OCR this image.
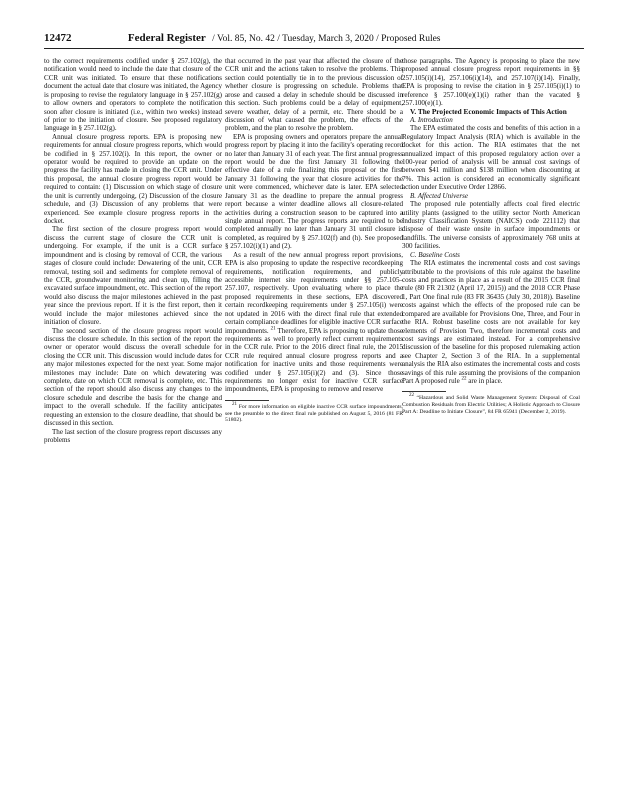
12472	Federal Register / Vol. 85, No. 42 / Tuesday, March 3, 2020 / Proposed Rules

to the correct requirements codified under § 257.102(g), the notification would need to include the date that closure of the CCR unit was initiated. To ensure that these notifications document the actual date that closure was initiated, the Agency is proposing to revise the regulatory language in § 257.102(g) to allow owners and operators to complete the notification soon after closure is initiated (i.e., within two weeks) instead of prior to the initiation of closure. See proposed regulatory language in § 257.102(g).

Annual closure progress reports. EPA is proposing new requirements for annual closure progress reports, which would be codified in § 257.102(i). In this report, the owner or operator would be required to provide an update on the progress the facility has made in closing the CCR unit. Under this proposal, the annual closure progress report would be required to contain: (1) Discussion on which stage of closure the unit is currently undergoing, (2) Discussion of the closure schedule, and (3) Discussion of any problems that were experienced. See example closure progress reports in the docket.

The first section of the closure progress report would discuss the current stage of closure the CCR unit is undergoing. For example, if the unit is a CCR surface impoundment and is closing by removal of CCR, the various stages of closure could include: Dewatering of the unit, CCR removal, testing soil and sediments for complete removal of the CCR, groundwater monitoring and clean up, filling the excavated surface impoundment, etc. This section of the report would also discuss the major milestones achieved in the past year since the previous report. If it is the first report, then it would include the major milestones achieved since the initiation of closure.

The second section of the closure progress report would discuss the closure schedule. In this section of the report the owner or operator would discuss the overall schedule for closing the CCR unit. This discussion would include dates for any major milestones expected for the next year. Some major milestones may include: Date on which dewatering was complete, date on which CCR removal is complete, etc. This section of the report should also discuss any changes to the closure schedule and describe the basis for the change and impact to the overall schedule. If the facility anticipates requesting an extension to the closure deadline, that should be discussed in this section.

The last section of the closure progress report discusses any problems

that occurred in the past year that affected the closure of the CCR unit and the actions taken to resolve the problems. This section could potentially tie in to the previous discussion of whether closure is progressing on schedule. Problems that arose and caused a delay in schedule should be discussed in this section. Such problems could be a delay of equipment, severe weather, delay of a permit, etc. There should be a discussion of what caused the problem, the effects of the problem, and the plan to resolve the problem.

EPA is proposing owners and operators prepare the annual progress report by placing it into the facility's operating record no later than January 31 of each year. The first annual progress report would be due the first January 31 following the effective date of a rule finalizing this proposal or the first January 31 following the year that closure activities for the unit were commenced, whichever date is later. EPA selected January 31 as the deadline to prepare the annual progress report because a winter deadline allows all closure-related activities during a construction season to be captured into a single annual report. The progress reports are required to be completed annually no later than January 31 until closure is completed, as required by § 257.102(f) and (h). See proposed § 257.102(i)(1) and (2).

As a result of the new annual progress report provisions, EPA is also proposing to update the respective recordkeeping requirements, notification requirements, and publicly accessible internet site requirements under §§ 257.105–257.107, respectively. Upon evaluating where to place the proposed requirements in these sections, EPA discovered certain recordkeeping requirements under § 257.105(i) were not updated in 2016 with the direct final rule that extended certain compliance deadlines for eligible inactive CCR surface impoundments. $^{21}$ Therefore, EPA is proposing to update those requirements as well to properly reflect current requirements in the CCR rule. Prior to the 2016 direct final rule, the 2015 CCR rule required annual closure progress reports and a notification for inactive units and those requirements were codified under § 257.105(i)(2) and (3). Since those requirements no longer exist for inactive CCR surface impoundments, EPA is proposing to remove and reserve

$^{21}$ For more information on eligible inactive CCR surface impoundments, see the preamble to the direct final rule published on August 5, 2016 (81 FR 51802).

those paragraphs. The Agency is proposing to place the new proposed annual closure progress report requirements in §§ 257.105(i)(14), 257.106(i)(14), and 257.107(i)(14). Finally, EPA is proposing to revise the citation in § 257.105(i)(1) to reference § 257.100(e)(1)(i) rather than the vacated § 257.100(e)(1).

V. The Projected Economic Impacts of This Action

A. Introduction

The EPA estimated the costs and benefits of this action in a Regulatory Impact Analysis (RIA) which is available in the docket for this action. The RIA estimates that the net annualized impact of this proposed regulatory action over a 100-year period of analysis will be annual cost savings of between $41 million and $138 million when discounting at 7%. This action is considered an economically significant action under Executive Order 12866.

B. Affected Universe

The proposed rule potentially affects coal fired electric utility plants (assigned to the utility sector North American Industry Classification System (NAICS) code 221112) that dispose of their waste onsite in surface impoundments or landfills. The universe consists of approximately 768 units at 300 facilities.

C. Baseline Costs

The RIA estimates the incremental costs and cost savings attributable to the provisions of this rule against the baseline costs and practices in place as a result of the 2015 CCR final rule (80 FR 21302 (April 17, 2015)) and the 2018 CCR Phase 1, Part One final rule (83 FR 36435 (July 30, 2018)). Baseline costs against which the effects of the proposed rule can be compared are available for Provisions One, Three, and Four in the RIA. Robust baseline costs are not available for key elements of Provision Two, therefore incremental costs and cost savings are estimated instead. For a comprehensive discussion of the baseline for this proposed rulemaking action see Chapter 2, Section 3 of the RIA. In a supplemental analysis the RIA also estimates the incremental costs and costs savings of this rule assuming the provisions of the companion Part A proposed rule $^{22}$ are in place.

$^{22}$ “Hazardous and Solid Waste Management System: Disposal of Coal Combustion Residuals from Electric Utilities; A Holistic Approach to Closure Part A: Deadline to Initiate Closure”, 84 FR 65941 (December 2, 2019).
